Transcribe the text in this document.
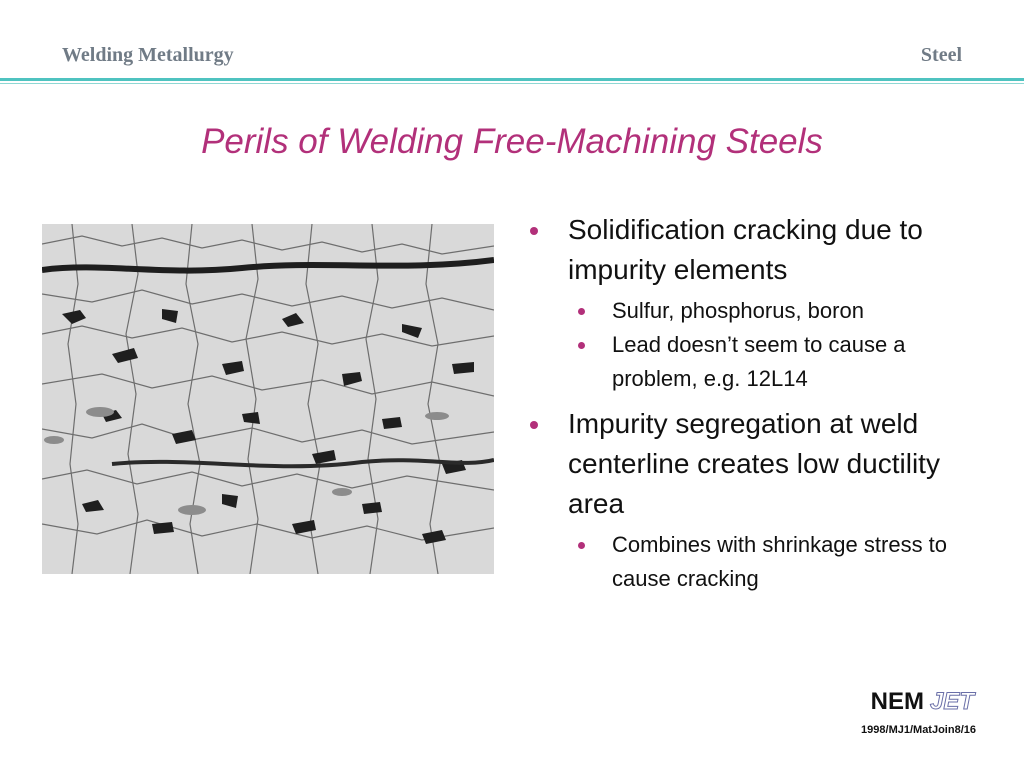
Welding Metallurgy	Steel
Perils of Welding Free-Machining Steels
Solidification cracking due to impurity elements
Sulfur, phosphorus, boron
Lead doesn’t seem to cause a problem, e.g. 12L14
Impurity segregation at weld centerline creates low ductility area
Combines with shrinkage stress to cause cracking
NEM JET
1998/MJ1/MatJoin8/16
